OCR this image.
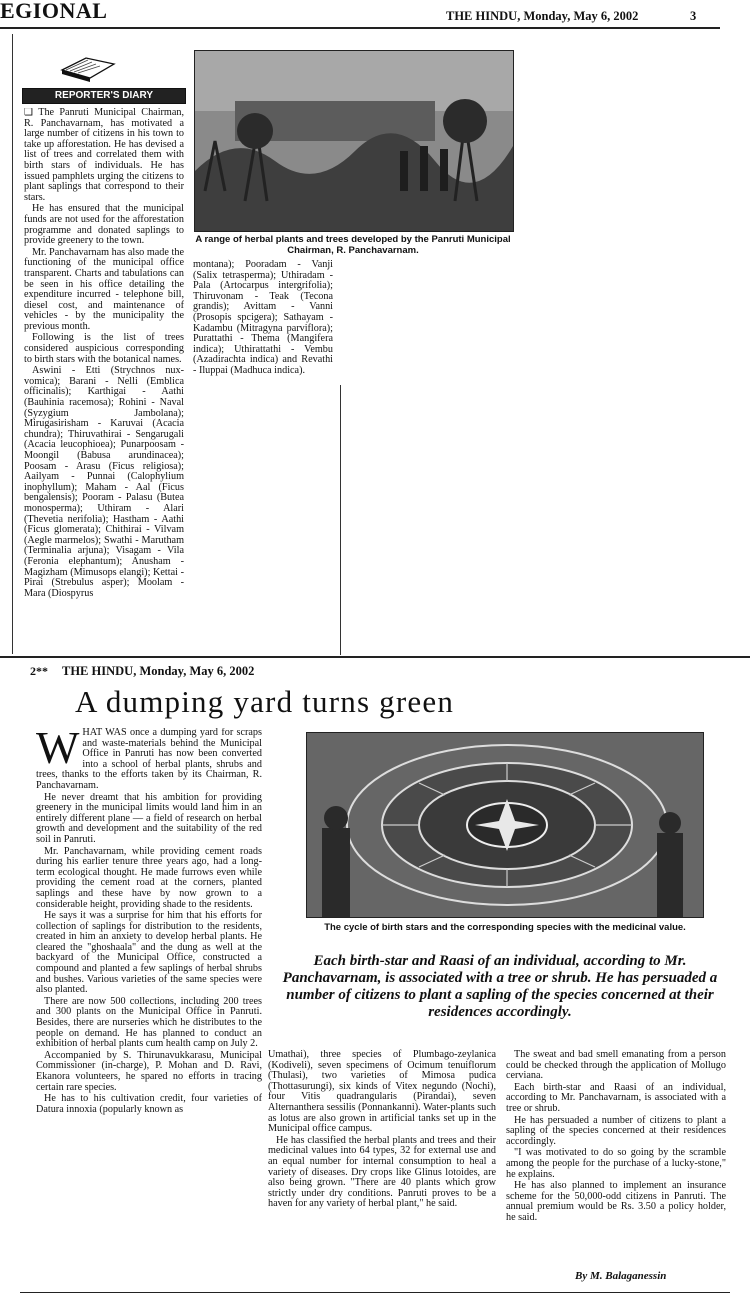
EGIONAL	THE HINDU, Monday, May 6, 2002	3
REPORTER'S DIARY

❑ The Panruti Municipal Chairman, R. Panchavarnam, has motivated a large number of citizens in his town to take up afforestation. He has devised a list of trees and correlated them with birth stars of individuals. He has issued pamphlets urging the citizens to plant saplings that correspond to their stars.

He has ensured that the municipal funds are not used for the afforestation programme and donated saplings to provide greenery to the town.

Mr. Panchavarnam has also made the functioning of the municipal office transparent. Charts and tabulations can be seen in his office detailing the expenditure incurred - telephone bill, diesel cost, and maintenance of vehicles - by the municipality the previous month.

Following is the list of trees considered auspicious corresponding to birth stars with the botanical names.

Aswini - Etti (Strychnos nux-vomica); Barani - Nelli (Emblica officinalis); Karthigai - Aathi (Bauhinia racemosa); Rohini - Naval (Syzygium Jambolana); Mirugasirisham - Karuvai (Acacia chundra); Thiruvathirai - Sengarugali (Acacia leucophioea); Punarpoosam - Moongil (Babusa arundinacea); Poosam - Arasu (Ficus religiosa); Aailyam - Punnai (Calophylium inophyllum); Maham - Aal (Ficus bengalensis); Pooram - Palasu (Butea monosperma); Uthiram - Alari (Thevetia nerifolia); Hastham - Aathi (Ficus glomerata); Chithirai - Vilvam (Aegle marmelos); Swathi - Marutham (Terminalia arjuna); Visagam - Vila (Feronia elephantum); Anusham - Magizham (Mimusops elangi); Kettai - Pirai (Strebulus asper); Moolam - Mara (Diospyrus

A range of herbal plants and trees developed by the Panruti Municipal Chairman, R. Panchavarnam.
montana); Pooradam - Vanji (Salix tetrasperma); Uthiradam - Pala (Artocarpus intergrifolia); Thiruvonam - Teak (Tecona grandis); Avittam - Vanni (Prosopis spcigera); Sathayam - Kadambu (Mitragyna parviflora); Purattathi - Thema (Mangifera indica); Uthirattathi - Vembu (Azadirachta indica) and Revathi - Iluppai (Madhuca indica).
2** THE HINDU, Monday, May 6, 2002
A dumping yard turns green
W HAT WAS once a dumping yard for scraps and waste-materials behind the Municipal Office in Panruti has now been converted into a school of herbal plants, shrubs and trees, thanks to the efforts taken by its Chairman, R. Panchavarnam.

He never dreamt that his ambition for providing greenery in the municipal limits would land him in an entirely different plane — a field of research on herbal growth and development and the suitability of the red soil in Panruti.

Mr. Panchavarnam, while providing cement roads during his earlier tenure three years ago, had a long-term ecological thought. He made furrows even while providing the cement road at the corners, planted saplings and these have by now grown to a considerable height, providing shade to the residents.

He says it was a surprise for him that his efforts for collection of saplings for distribution to the residents, created in him an anxiety to develop herbal plants. He cleared the "ghoshaala" and the dung as well at the backyard of the Municipal Office, constructed a compound and planted a few saplings of herbal shrubs and bushes. Various varieties of the same species were also planted.

There are now 500 collections, including 200 trees and 300 plants on the Municipal Office in Panruti. Besides, there are nurseries which he distributes to the people on demand. He has planned to conduct an exhibition of herbal plants cum health camp on July 2.

Accompanied by S. Thirunavukkarasu, Municipal Commissioner (in-charge), P. Mohan and D. Ravi, Ekanora volunteers, he spared no efforts in tracing certain rare species.

He has to his cultivation credit, four varieties of Datura innoxia (popularly known as

The cycle of birth stars and the corresponding species with the medicinal value.
Each birth-star and Raasi of an individual, according to Mr. Panchavarnam, is associated with a tree or shrub. He has persuaded a number of citizens to plant a sapling of the species concerned at their residences accordingly.

Umathai), three species of Plumbago-zeylanica (Kodiveli), seven specimens of Ocimum tenuiflorum (Thulasi), two varieties of Mimosa pudica (Thottasurungi), six kinds of Vitex negundo (Nochi), four Vitis quadrangularis (Pirandai), seven Alternanthera sessilis (Ponnankanni). Water-plants such as lotus are also grown in artificial tanks set up in the Municipal office campus.

He has classified the herbal plants and trees and their medicinal values into 64 types, 32 for external use and an equal number for internal consumption to heal a variety of diseases. Dry crops like Glinus lotoides, are also being grown. "There are 40 plants which grow strictly under dry conditions. Panruti proves to be a haven for any variety of herbal plant," he said.

The sweat and bad smell emanating from a person could be checked through the application of Mollugo cerviana.

Each birth-star and Raasi of an individual, according to Mr. Panchavarnam, is associated with a tree or shrub.

He has persuaded a number of citizens to plant a sapling of the species concerned at their residences accordingly.

"I was motivated to do so going by the scramble among the people for the purchase of a lucky-stone," he explains.

He has also planned to implement an insurance scheme for the 50,000-odd citizens in Panruti. The annual premium would be Rs. 3.50 a policy holder, he said.

By M. Balaganessin
